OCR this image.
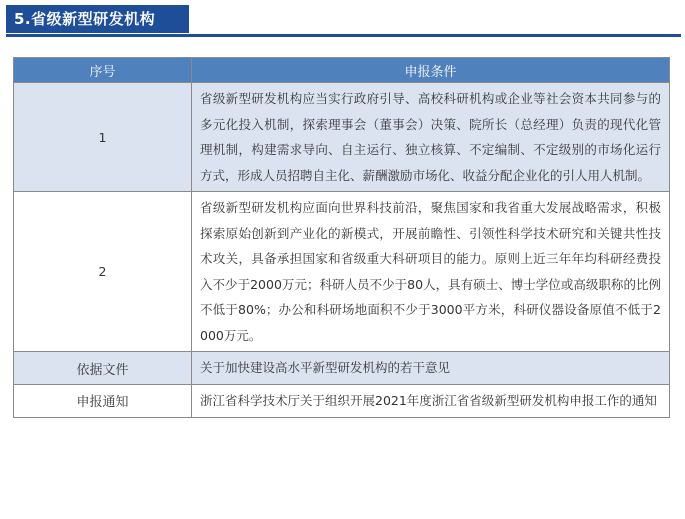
5.省级新型研发机构
序号	申报条件
1	省级新型研发机构应当实行政府引导、高校科研机构或企业等社会资本共同参与的多元化投入机制，探索理事会（董事会）决策、院所长（总经理）负责的现代化管理机制，构建需求导向、自主运行、独立核算、不定编制、不定级别的市场化运行方式，形成人员招聘自主化、薪酬激励市场化、收益分配企业化的引人用人机制。
2	省级新型研发机构应面向世界科技前沿，聚焦国家和我省重大发展战略需求，积极探索原始创新到产业化的新模式，开展前瞻性、引领性科学技术研究和关键共性技术攻关，具备承担国家和省级重大科研项目的能力。原则上近三年年均科研经费投入不少于2000万元；科研人员不少于80人，具有硕士、博士学位或高级职称的比例不低于80%；办公和科研场地面积不少于3000平方米，科研仪器设备原值不低于2000万元。
依据文件	关于加快建设高水平新型研发机构的若干意见
申报通知	浙江省科学技术厅关于组织开展2021年度浙江省省级新型研发机构申报工作的通知
